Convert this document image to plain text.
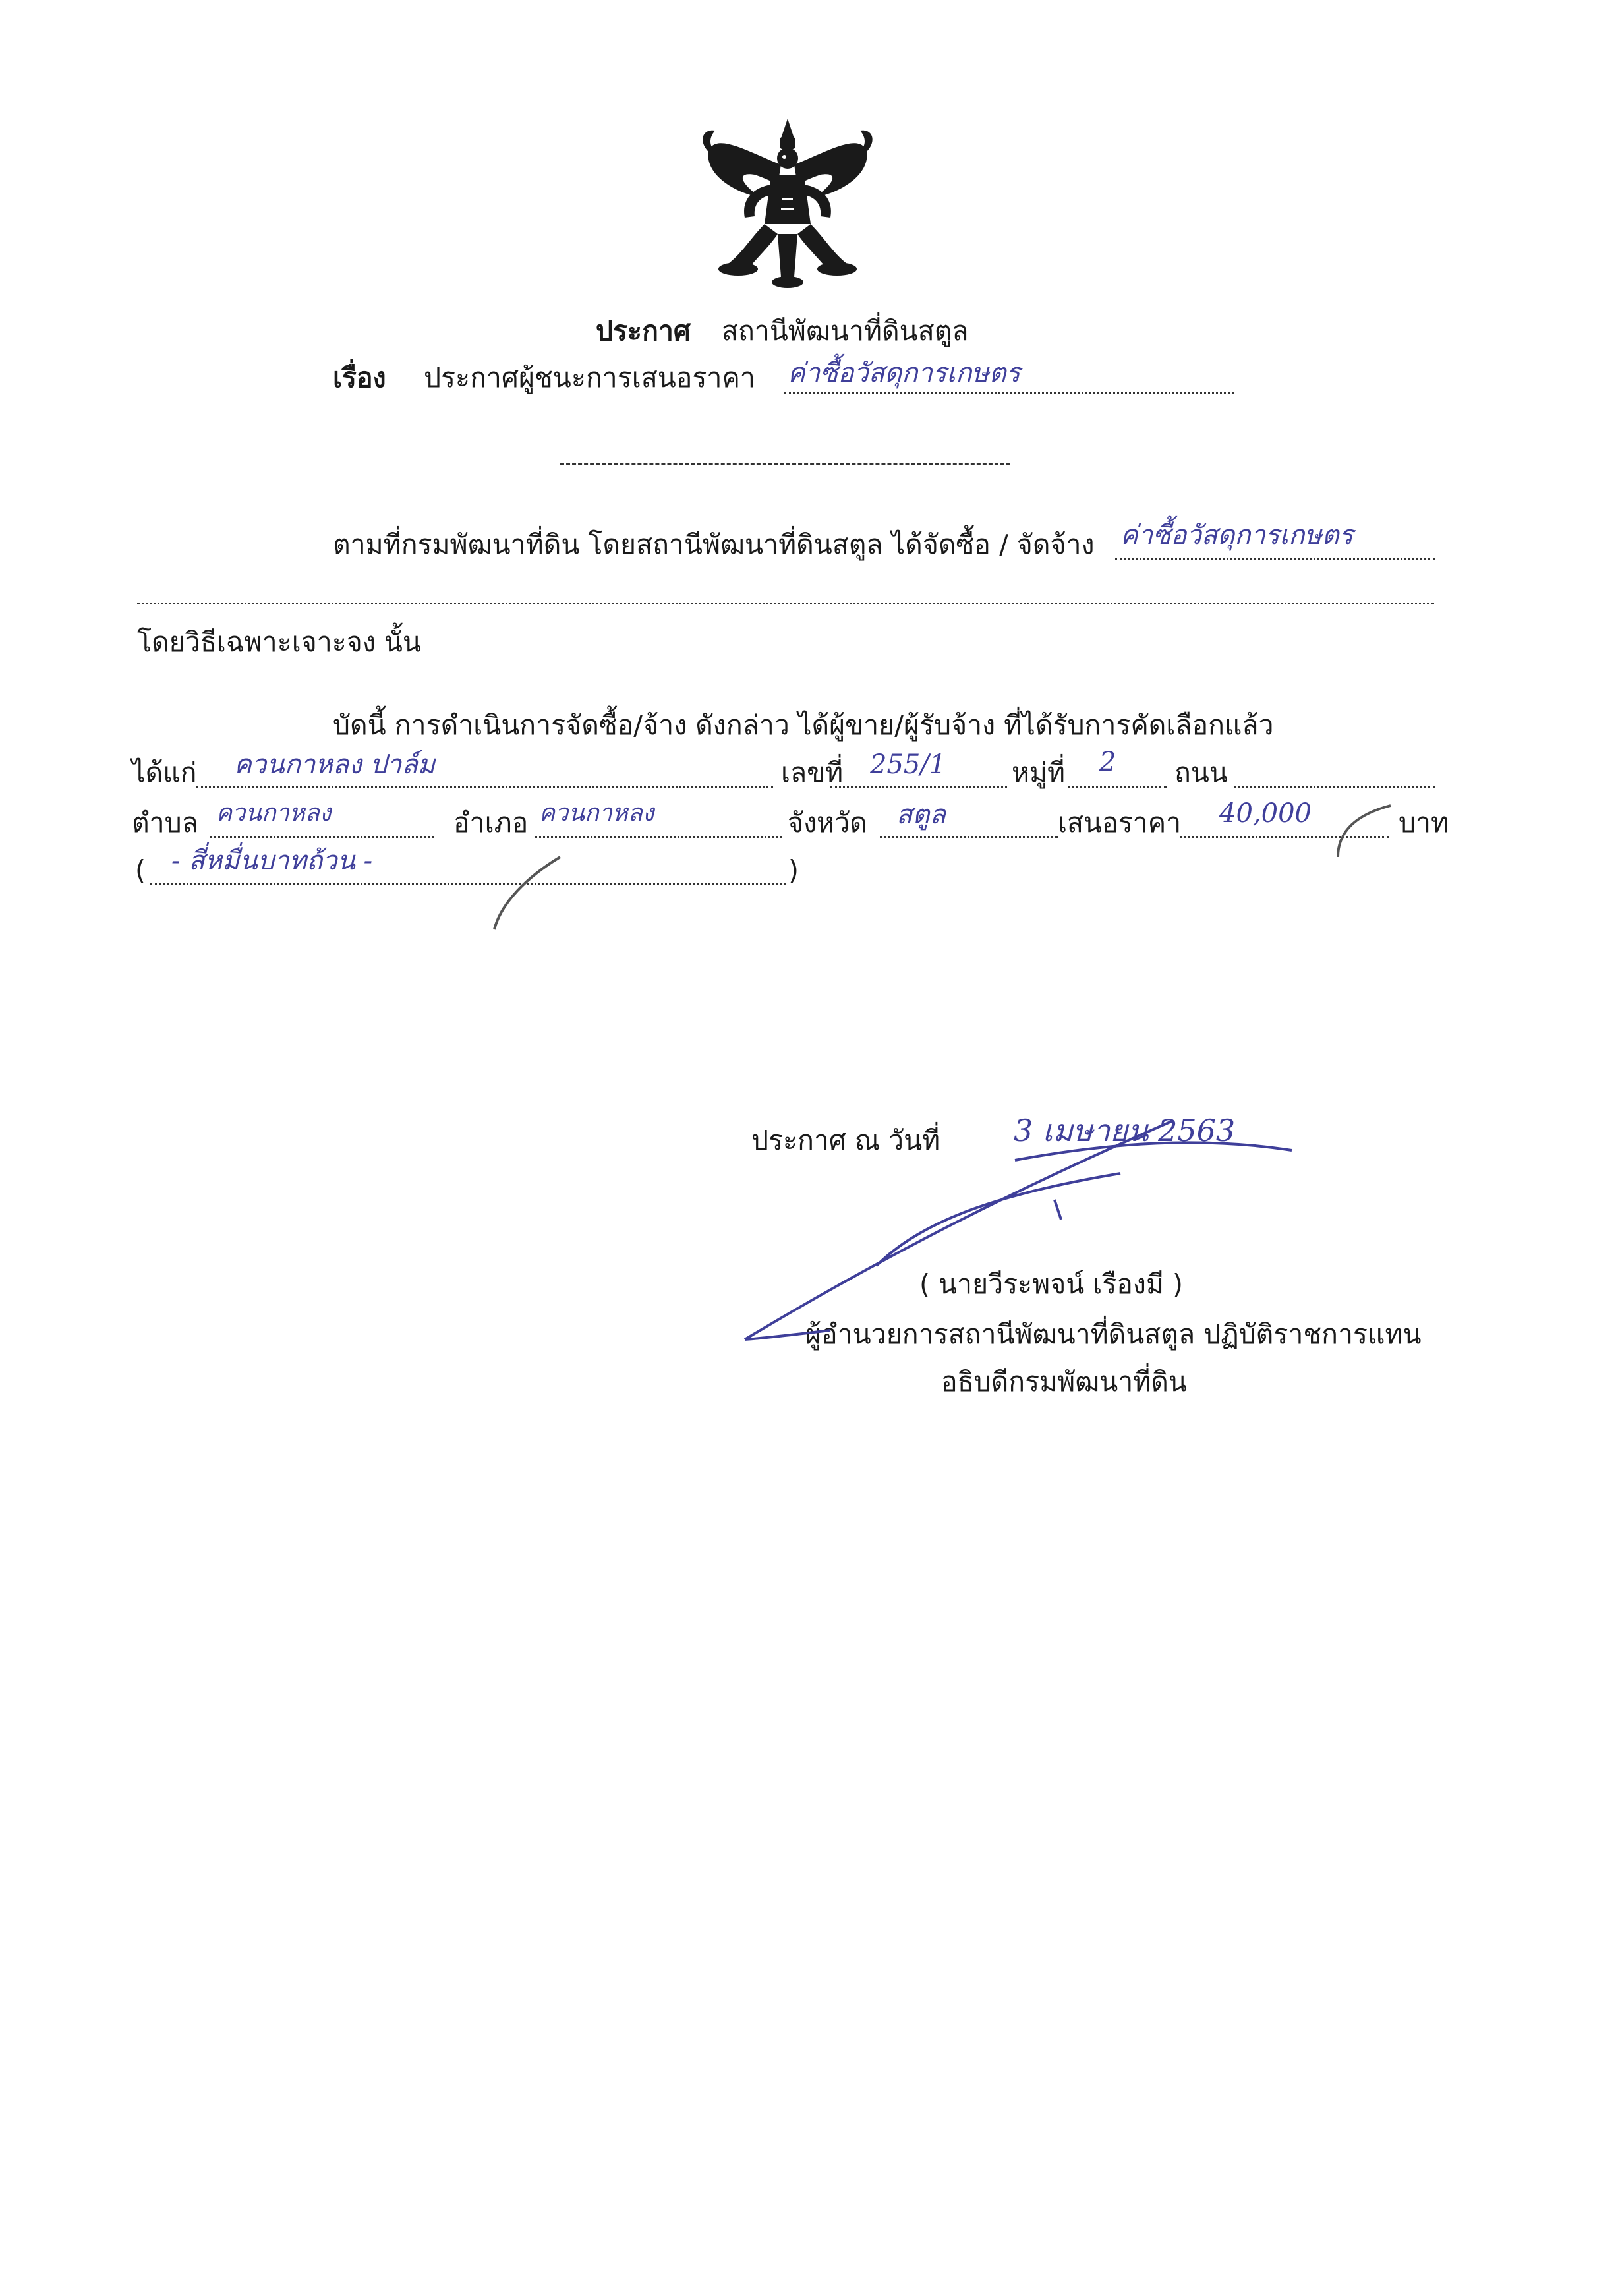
ประกาศ สถานีพัฒนาที่ดินสตูล
เรื่อง ประกาศผู้ชนะการเสนอราคา ค่าซื้อวัสดุการเกษตร
ตามที่กรมพัฒนาที่ดิน โดยสถานีพัฒนาที่ดินสตูล ได้จัดซื้อ / จัดจ้าง ค่าซื้อวัสดุการเกษตร
โดยวิธีเฉพาะเจาะจง นั้น
บัดนี้ การดำเนินการจัดซื้อ/จ้าง ดังกล่าว ได้ผู้ขาย/ผู้รับจ้าง ที่ได้รับการคัดเลือกแล้ว
ได้แก่ ควนกาหลง ปาล์ม	เลขที่ 255/1 หมู่ที่ 2 ถนน
ตำบล ควนกาหลง	อำเภอ ควนกาหลง	จังหวัด สตูล	เสนอราคา 40,000	บาท
( - สี่หมื่นบาทถ้วน -	)
ประกาศ ณ วันที่ 3 เมษายน 2563
( นายวีระพจน์ เรืองมี )
ผู้อำนวยการสถานีพัฒนาที่ดินสตูล ปฏิบัติราชการแทน
อธิบดีกรมพัฒนาที่ดิน
